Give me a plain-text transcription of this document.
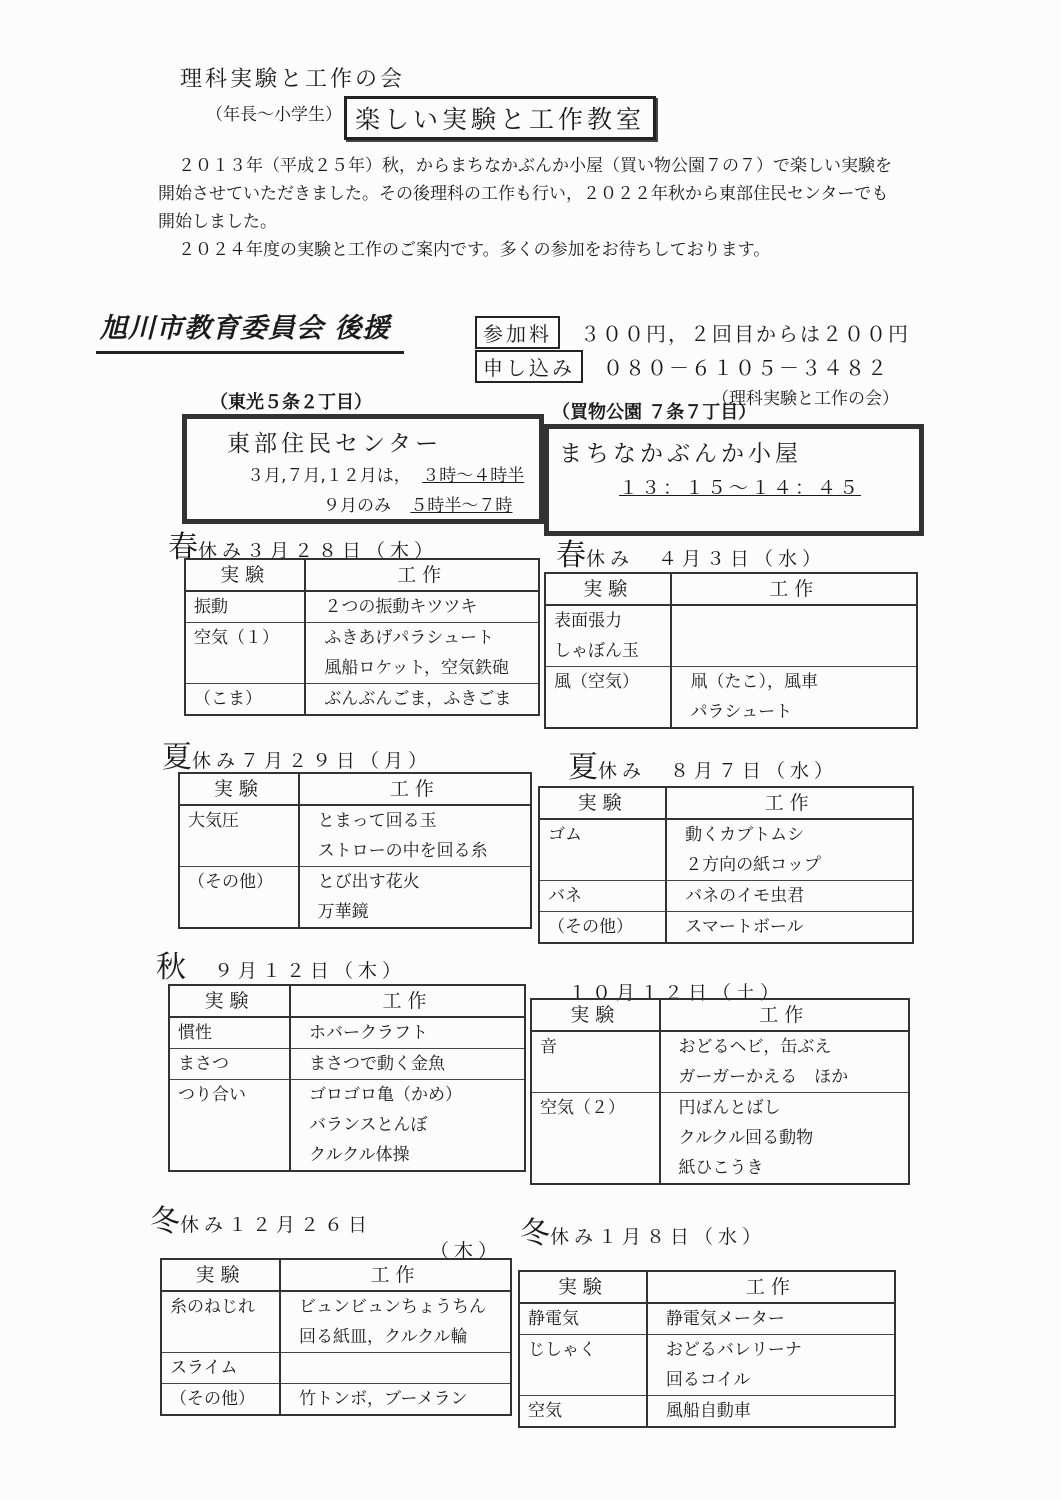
理科実験と工作の会
（年長～小学生） 楽しい実験と工作教室

２０１３年（平成２５年）秋，からまちなかぶんか小屋（買い物公園７の７）で楽しい実験を開始させていただきました。その後理科の工作も行い，２０２２年秋から東部住民センターでも開始しました。

２０２４年度の実験と工作のご案内です。多くの参加をお待ちしております。

旭川市教育委員会 後援	参加料	３００円，２回目からは２００円
申し込み	０８０－６１０５－３４８２
（理科実験と工作の会）
（東光５条２丁目）	（買物公園 ７条７丁目）
東部住民センター
３月,７月,１２月は， ３時～４時半
９月のみ ５時半～７時
まちなかぶんか小屋
１３：１５～１４：４５
春休み３月２８日（木）	春休み　４月３日（水）
夏休み７月２９日（月）	夏休み　８月７日（水）
秋 ９月１２日（木）
１０月１２日（土）
冬休み１２月２６日
（木） 冬休み１月８日（水）
実験	工作
振動	２つの振動キツツキ
空気（１）	ふきあげパラシュート
	風船ロケット，空気鉄砲
（こま）	ぶんぶんごま，ふきごま
実験	工作
表面張力	
しゃぼん玉	
風（空気）	凧（たこ），風車
	パラシュート
実験	工作
大気圧	とまって回る玉
	ストローの中を回る糸
（その他）	とび出す花火
	万華鏡
実験	工作
ゴム	動くカブトムシ
	２方向の紙コップ
バネ	バネのイモ虫君
（その他）	スマートボール
実験	工作
慣性	ホバークラフト
まさつ	まさつで動く金魚
つり合い	ゴロゴロ亀（かめ）
	バランスとんぼ
	クルクル体操
実験	工作
音	おどるヘビ，缶ぶえ
	ガーガーかえる　ほか
空気（２）	円ばんとばし
	クルクル回る動物
	紙ひこうき
実験	工作
糸のねじれ	ビュンビュンちょうちん
	回る紙皿，クルクル輪
スライム	
（その他）	竹トンボ，ブーメラン
実験	工作
静電気	静電気メーター
じしゃく	おどるバレリーナ
	回るコイル
空気	風船自動車
